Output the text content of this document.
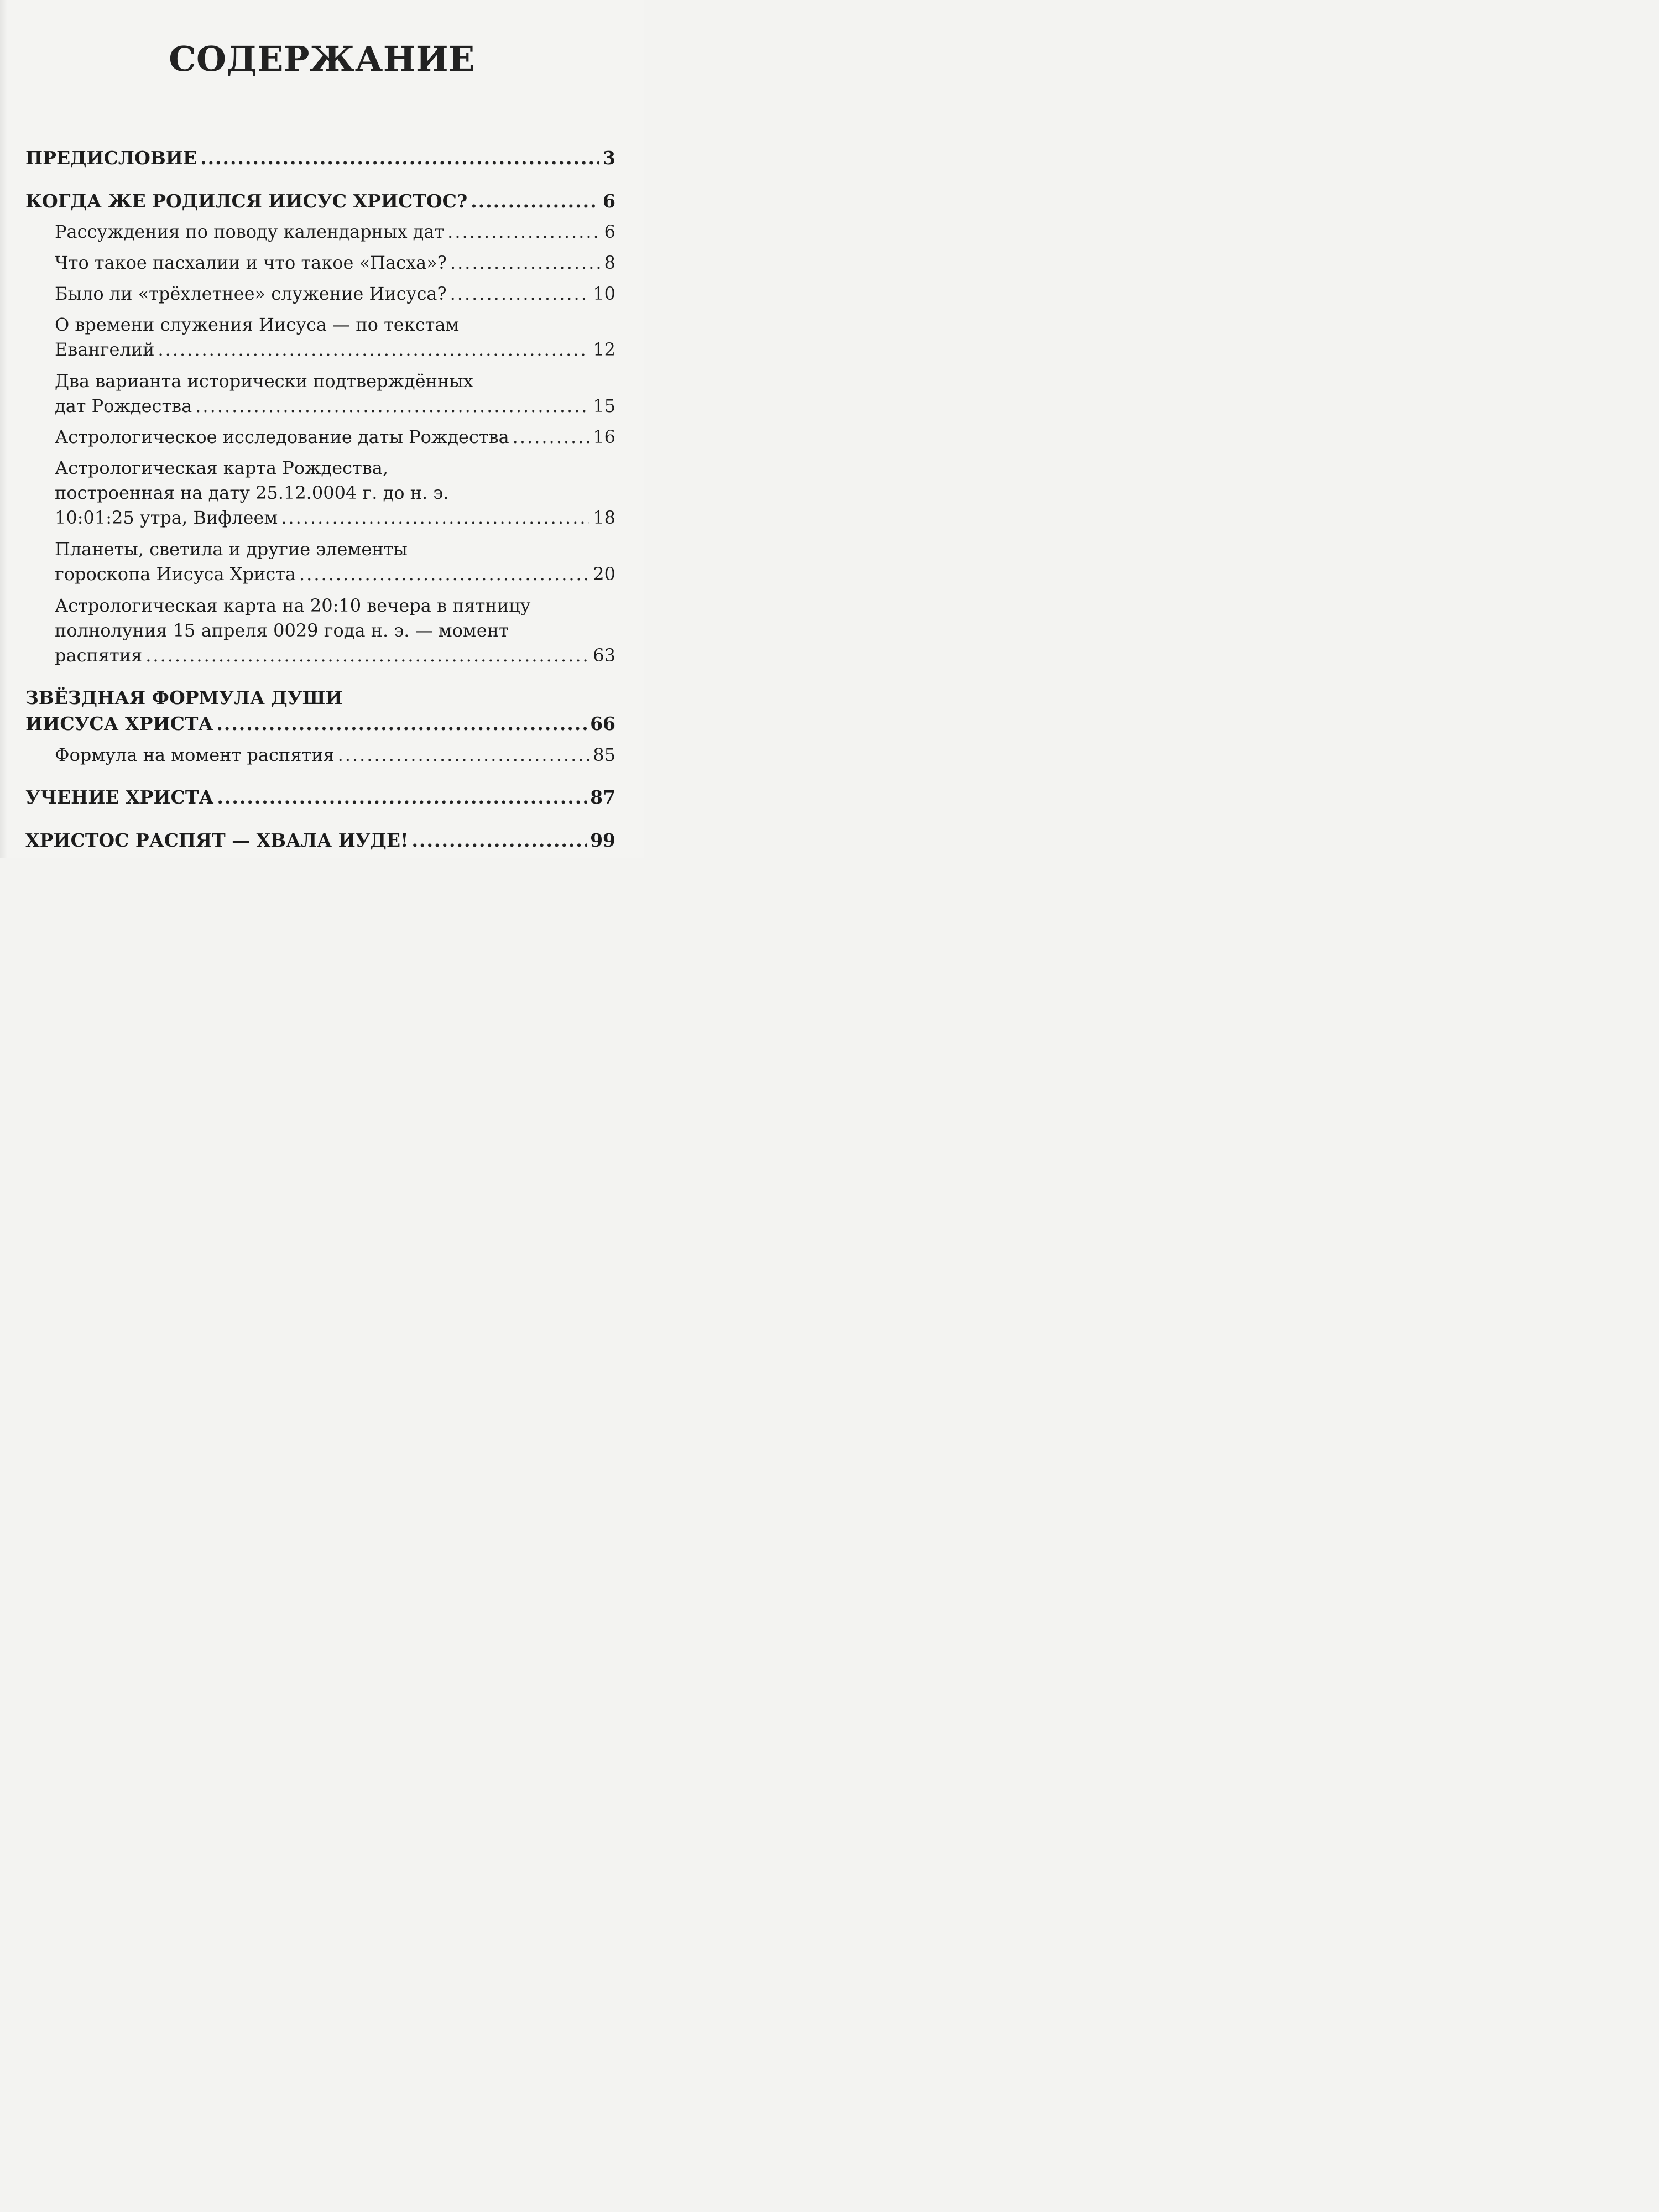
СОДЕРЖАНИЕ
ПРЕДИСЛОВИЕ .....	3
КОГДА ЖЕ РОДИЛСЯ ИИСУС ХРИСТОС? .....	6
Рассуждения по поводу календарных дат .....	6
Что такое пасхалии и что такое «Пасха»? .....	8
Было ли «трёхлетнее» служение Иисуса? .....	10
О времени служения Иисуса — по текстам
Евангелий .....	12
Два варианта исторически подтверждённых
дат Рождества .....	15
Астрологическое исследование даты Рождества .....	16
Астрологическая карта Рождества,
построенная на дату 25.12.0004 г. до н. э.
10:01:25 утра, Вифлеем .....	18
Планеты, светила и другие элементы
гороскопа Иисуса Христа .....	20
Астрологическая карта на 20:10 вечера в пятницу
полнолуния 15 апреля 0029 года н. э. — момент
распятия .....	63
ЗВЁЗДНАЯ ФОРМУЛА ДУШИ
ИИСУСА ХРИСТА .....	66
Формула на момент распятия .....	85
УЧЕНИЕ ХРИСТА .....	87
ХРИСТОС РАСПЯТ — ХВАЛА ИУДЕ! .....	99
